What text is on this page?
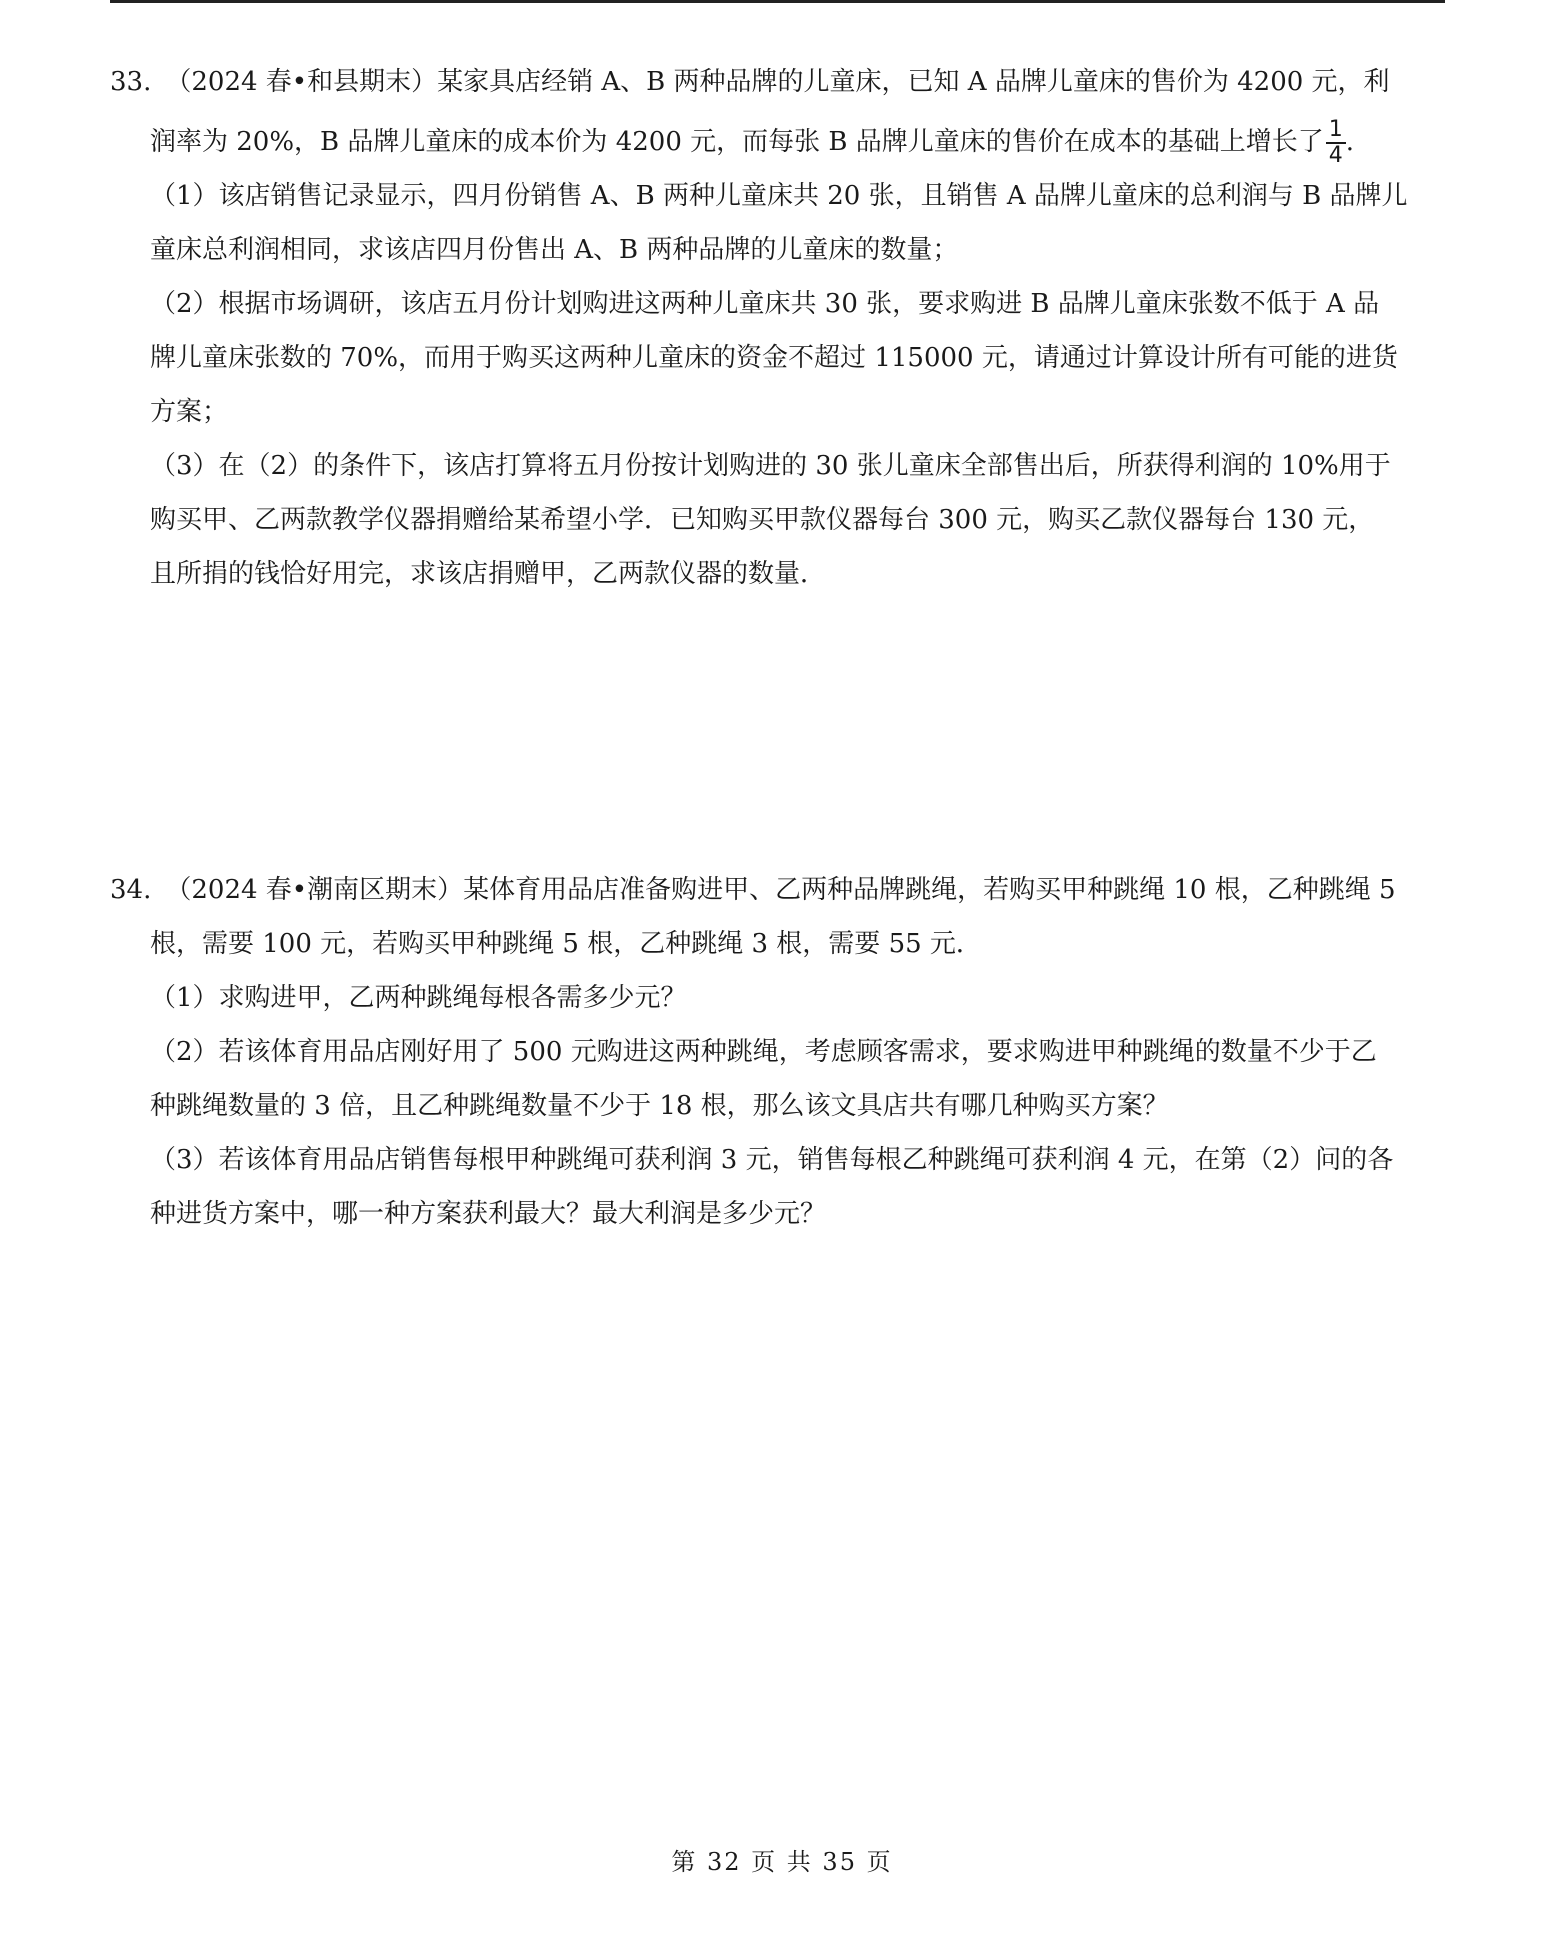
33. （2024 春•和县期末）某家具店经销 A、B 两种品牌的儿童床，已知 A 品牌儿童床的售价为 4200 元，利
润率为 20%，B 品牌儿童床的成本价为 4200 元，而每张 B 品牌儿童床的售价在成本的基础上增长了 $\frac{1}{4}$ .
（1）该店销售记录显示，四月份销售 A、B 两种儿童床共 20 张，且销售 A 品牌儿童床的总利润与 B 品牌儿
童床总利润相同，求该店四月份售出 A、B 两种品牌的儿童床的数量；
（2）根据市场调研，该店五月份计划购进这两种儿童床共 30 张，要求购进 B 品牌儿童床张数不低于 A 品
牌儿童床张数的 70%，而用于购买这两种儿童床的资金不超过 115000 元，请通过计算设计所有可能的进货
方案；
（3）在（2）的条件下，该店打算将五月份按计划购进的 30 张儿童床全部售出后，所获得利润的 10%用于
购买甲、乙两款教学仪器捐赠给某希望小学．已知购买甲款仪器每台 300 元，购买乙款仪器每台 130 元，
且所捐的钱恰好用完，求该店捐赠甲，乙两款仪器的数量．
34. （2024 春•潮南区期末）某体育用品店准备购进甲、乙两种品牌跳绳，若购买甲种跳绳 10 根，乙种跳绳 5
根，需要 100 元，若购买甲种跳绳 5 根，乙种跳绳 3 根，需要 55 元．
（1）求购进甲，乙两种跳绳每根各需多少元？
（2）若该体育用品店刚好用了 500 元购进这两种跳绳，考虑顾客需求，要求购进甲种跳绳的数量不少于乙
种跳绳数量的 3 倍，且乙种跳绳数量不少于 18 根，那么该文具店共有哪几种购买方案？
（3）若该体育用品店销售每根甲种跳绳可获利润 3 元，销售每根乙种跳绳可获利润 4 元，在第（2）问的各
种进货方案中，哪一种方案获利最大？最大利润是多少元？
第 32 页 共 35 页
